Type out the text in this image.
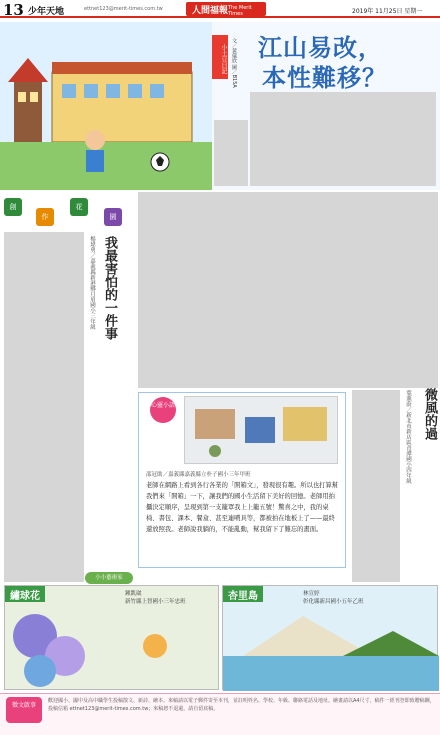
13 少年天地	ettnet123@merit-times.com.tw	人間福報 The Merit Times	2019年 11月25日 星期一
小士豆日記 文／黃儀欣 圖／B15A 江山易改，
本性難移？
創
作
花
園
我最害怕的一件事
楊瑋勇／嘉義縣新港鄉月眉國小三年級
微風的過
葉薰蔚／新北市新店區青潭國小四年級
心靈小語
邵冠勛／嘉義縣嘉義縣立朴子國小三年甲班
老師在網路上看到各行各業的「開箱文」，發現很有趣。所以也打算幫我們來「開箱」一下，讓我們的國小生活留下美好的回憶。老師用拍攝決定順序，呈現到第一支籠罩我上上籠五號！驚喜之中，我的桌椅、書包、課本、餐盒、甚至連噴具等，都被拍在地板上了——最終還放照我。老師說我躺的，不能亂動，幫我留下了難忘的畫面。
小小藝術家
繡球花	鍾凱崴
新竹縣上智國小三年忠班	杏里島	林宣婷
彰化縣新昌國小五年乙班
徵文啟事
歡迎國小、國中及高中職學生投稿散文、新詩、繪本。來稿請以電子郵件寄至本刊，並註明姓名、學校、年級、聯絡電話及地址。繪畫請以A4尺寸，稿件一經刊登即致贈稿酬，投稿信箱 ettnet123@merit-times.com.tw；來稿恕不退還，請自留底稿。
